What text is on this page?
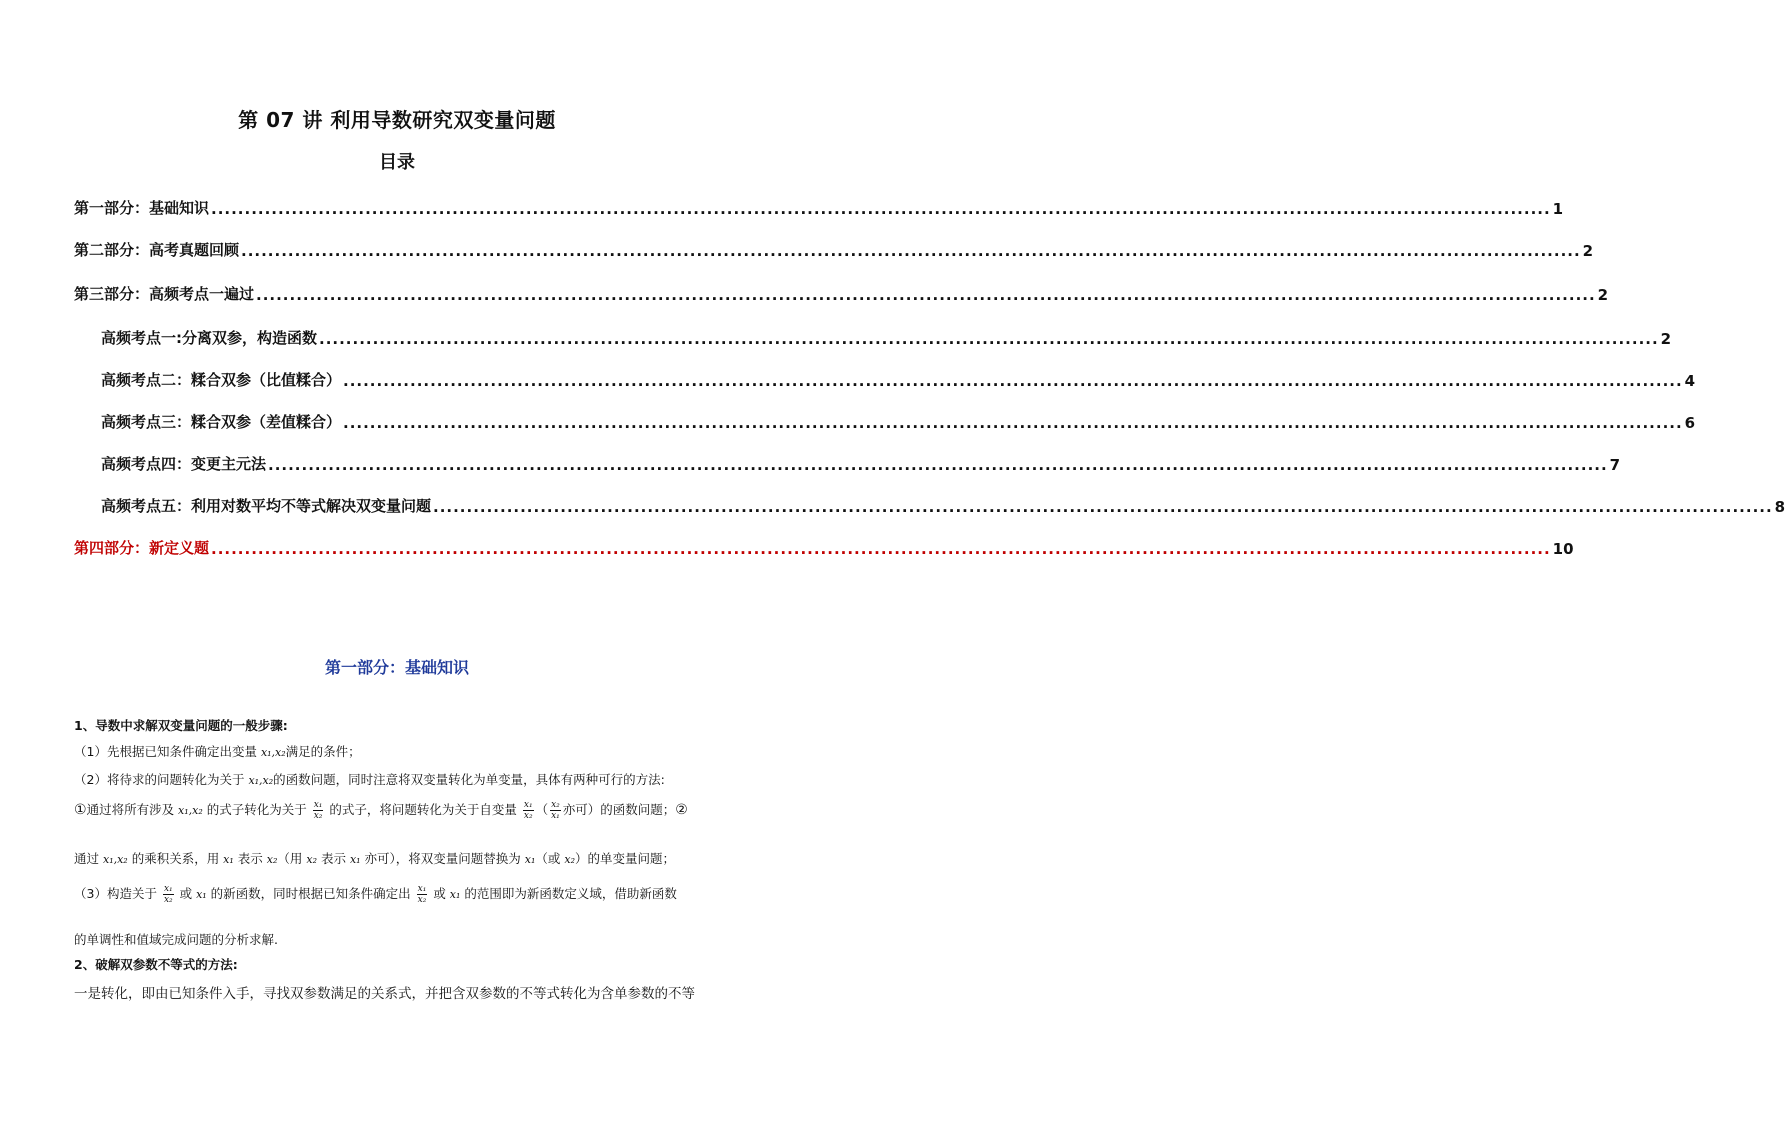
第 07 讲 利用导数研究双变量问题
目录
第一部分：基础知识 ........................................................................................................................................................................................................ 1
第二部分：高考真题回顾 ........................................................................................................................................................................................................ 2
第三部分：高频考点一遍过 ........................................................................................................................................................................................................ 2
高频考点一:分离双参，构造函数 ........................................................................................................................................................................................................ 2
高频考点二：糅合双参（比值糅合） ........................................................................................................................................................................................................ 4
高频考点三：糅合双参（差值糅合） ........................................................................................................................................................................................................ 6
高频考点四：变更主元法 ........................................................................................................................................................................................................ 7
高频考点五：利用对数平均不等式解决双变量问题 ........................................................................................................................................................................................................ 8
第四部分：新定义题 ........................................................................................................................................................................................................ 10
第一部分：基础知识
1、导数中求解双变量问题的一般步骤:
（1）先根据已知条件确定出变量 x₁,x₂满足的条件；
（2）将待求的问题转化为关于 x₁,x₂的函数问题，同时注意将双变量转化为单变量，具体有两种可行的方法:
①通过将所有涉及 x₁,x₂ 的式子转化为关于 $\frac{\text{x₁}}{\text{x₂}}$ 的式子，将问题转化为关于自变量 $\frac{\text{x₁}}{\text{x₂}}$ （ $\frac{\text{x₂}}{\text{x₁}}$ 亦可）的函数问题；②
通过 x₁,x₂ 的乘积关系，用 x₁ 表示 x₂（用 x₂ 表示 x₁ 亦可），将双变量问题替换为 x₁（或 x₂）的单变量问题；
（3）构造关于 $\frac{\text{x₁}}{\text{x₂}}$ 或 x₁ 的新函数，同时根据已知条件确定出 $\frac{\text{x₁}}{\text{x₂}}$ 或 x₁ 的范围即为新函数定义域，借助新函数
的单调性和值域完成问题的分析求解.
2、破解双参数不等式的方法:
一是转化，即由已知条件入手，寻找双参数满足的关系式，并把含双参数的不等式转化为含单参数的不等
